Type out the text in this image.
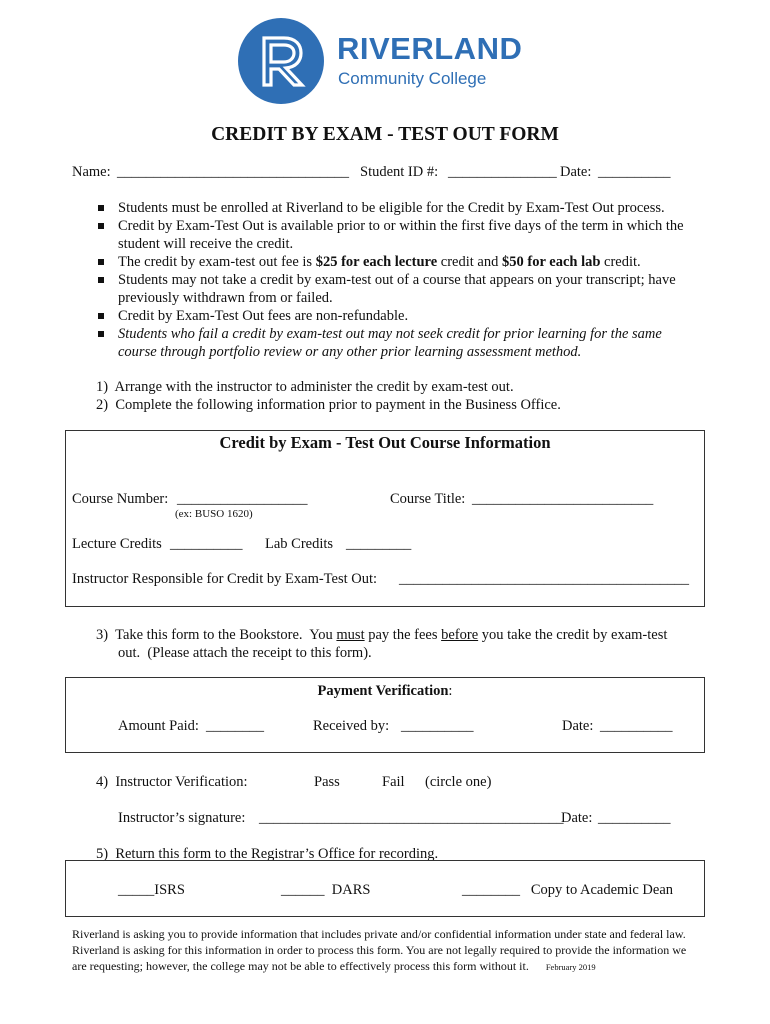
RIVERLAND
Community College
CREDIT BY EXAM - TEST OUT FORM
Name: ________________________________ Student ID #: _______________ Date: __________
Students must be enrolled at Riverland to be eligible for the Credit by Exam-Test Out process.
Credit by Exam-Test Out is available prior to or within the first five days of the term in which the student will receive the credit.
The credit by exam-test out fee is $25 for each lecture credit and $50 for each lab credit.
Students may not take a credit by exam-test out of a course that appears on your transcript; have previously withdrawn from or failed.
Credit by Exam-Test Out fees are non-refundable.
Students who fail a credit by exam-test out may not seek credit for prior learning for the same course through portfolio review or any other prior learning assessment method.
1)  Arrange with the instructor to administer the credit by exam-test out.
2)  Complete the following information prior to payment in the Business Office.
Credit by Exam - Test Out Course Information
Course Number: __________________
(ex: BUSO 1620)
Course Title: _________________________
Lecture Credits __________ Lab Credits _________
Instructor Responsible for Credit by Exam-Test Out: ________________________________________
3) Take this form to the Bookstore.  You must pay the fees before you take the credit by exam-test
out.  (Please attach the receipt to this form).
Payment Verification:
Amount Paid: ________	Received by: __________	Date: __________
4)  Instructor Verification:	Pass	Fail (circle one)
Instructor’s signature: __________________________________________
Date: __________
5)  Return this form to the Registrar’s Office for recording.
_____ISRS	______  DARS	________   Copy to Academic Dean
Riverland is asking you to provide information that includes private and/or confidential information under state and federal law. Riverland is asking for this information in order to process this form. You are not legally required to provide the information we are requesting; however, the college may not be able to effectively process this form without it. February 2019
